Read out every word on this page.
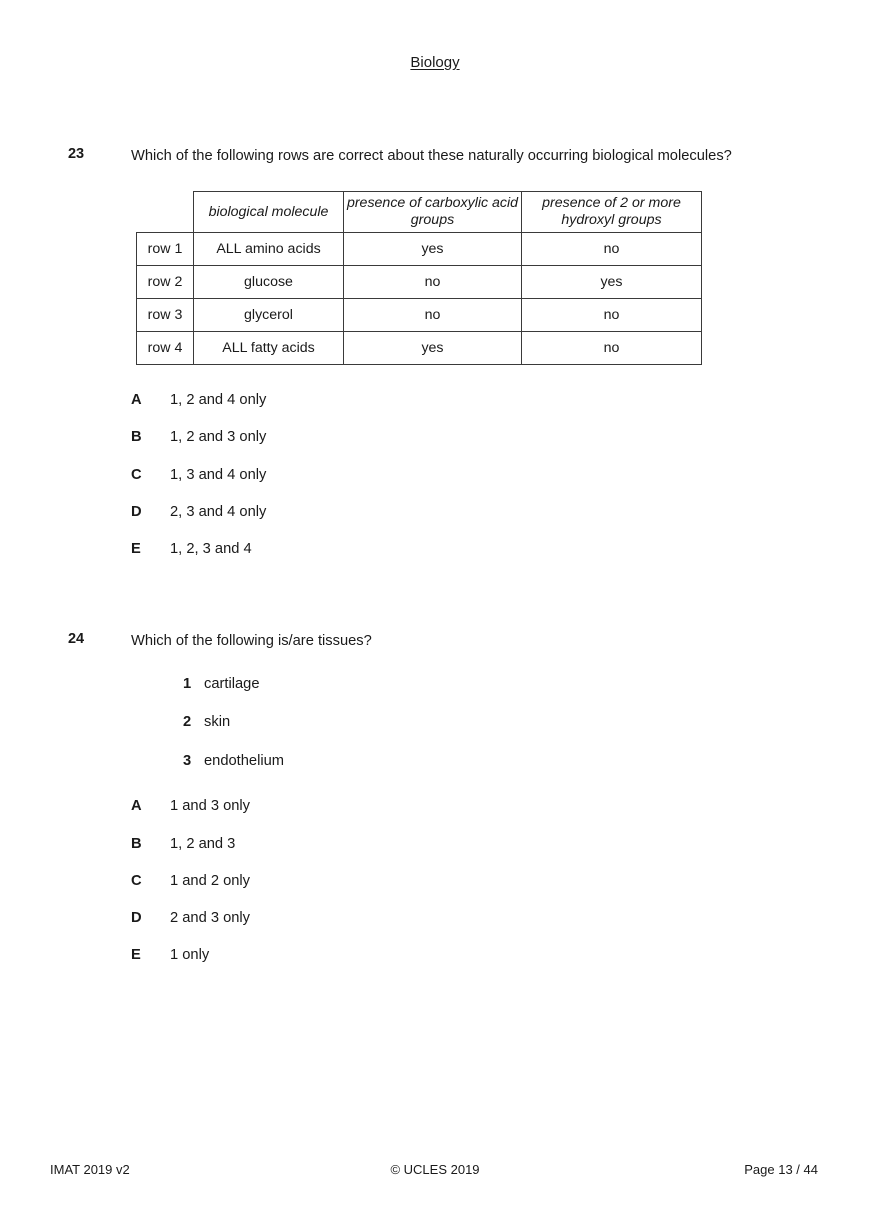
Biology
23	Which of the following rows are correct about these naturally occurring biological molecules?
	biological molecule	presence of carboxylic acid groups	presence of 2 or more hydroxyl groups
row 1	ALL amino acids	yes	no
row 2	glucose	no	yes
row 3	glycerol	no	no
row 4	ALL fatty acids	yes	no
A 1, 2 and 4 only
B 1, 2 and 3 only
C 1, 3 and 4 only
D 2, 3 and 4 only
E 1, 2, 3 and 4
24	Which of the following is/are tissues?
1 cartilage
2 skin
3 endothelium
A 1 and 3 only
B 1, 2 and 3
C 1 and 2 only
D 2 and 3 only
E 1 only
IMAT 2019 v2	© UCLES 2019	Page 13 / 44
